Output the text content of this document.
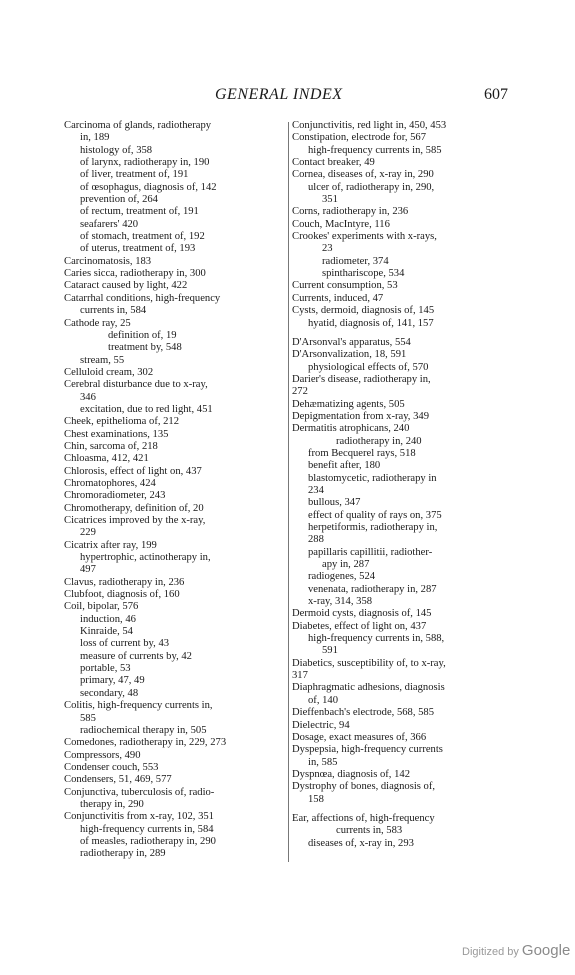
GENERAL INDEX	607
Carcinoma of glands, radiotherapy
in, 189
histology of, 358
of larynx, radiotherapy in, 190
of liver, treatment of, 191
of œsophagus, diagnosis of, 142
prevention of, 264
of rectum, treatment of, 191
seafarers' 420
of stomach, treatment of, 192
of uterus, treatment of, 193
Carcinomatosis, 183
Caries sicca, radiotherapy in, 300
Cataract caused by light, 422
Catarrhal conditions, high-frequency
currents in, 584
Cathode ray, 25
definition of, 19
treatment by, 548
stream, 55
Celluloid cream, 302
Cerebral disturbance due to x-ray,
346
excitation, due to red light, 451
Cheek, epithelioma of, 212
Chest examinations, 135
Chin, sarcoma of, 218
Chloasma, 412, 421
Chlorosis, effect of light on, 437
Chromatophores, 424
Chromoradiometer, 243
Chromotherapy, definition of, 20
Cicatrices improved by the x-ray,
229
Cicatrix after ray, 199
hypertrophic, actinotherapy in,
497
Clavus, radiotherapy in, 236
Clubfoot, diagnosis of, 160
Coil, bipolar, 576
induction, 46
Kinraide, 54
loss of current by, 43
measure of currents by, 42
portable, 53
primary, 47, 49
secondary, 48
Colitis, high-frequency currents in,
585
radiochemical therapy in, 505
Comedones, radiotherapy in, 229, 273
Compressors, 490
Condenser couch, 553
Condensers, 51, 469, 577
Conjunctiva, tuberculosis of, radio-
therapy in, 290
Conjunctivitis from x-ray, 102, 351
high-frequency currents in, 584
of measles, radiotherapy in, 290
radiotherapy in, 289
Conjunctivitis, red light in, 450, 453
Constipation, electrode for, 567
high-frequency currents in, 585
Contact breaker, 49
Cornea, diseases of, x-ray in, 290
ulcer of, radiotherapy in, 290,
351
Corns, radiotherapy in, 236
Couch, MacIntyre, 116
Crookes' experiments with x-rays,
23
radiometer, 374
spinthariscope, 534
Current consumption, 53
Currents, induced, 47
Cysts, dermoid, diagnosis of, 145
hyatid, diagnosis of, 141, 157
D'Arsonval's apparatus, 554
D'Arsonvalization, 18, 591
physiological effects of, 570
Darier's disease, radiotherapy in,
272
Dehæmatizing agents, 505
Depigmentation from x-ray, 349
Dermatitis atrophicans, 240
radiotherapy in, 240
from Becquerel rays, 518
benefit after, 180
blastomycetic, radiotherapy in
234
bullous, 347
effect of quality of rays on, 375
herpetiformis, radiotherapy in,
288
papillaris capillitii, radiother-
apy in, 287
radiogenes, 524
venenata, radiotherapy in, 287
x-ray, 314, 358
Dermoid cysts, diagnosis of, 145
Diabetes, effect of light on, 437
high-frequency currents in, 588,
591
Diabetics, susceptibility of, to x-ray,
317
Diaphragmatic adhesions, diagnosis
of, 140
Dieffenbach's electrode, 568, 585
Dielectric, 94
Dosage, exact measures of, 366
Dyspepsia, high-frequency currents
in, 585
Dyspnœa, diagnosis of, 142
Dystrophy of bones, diagnosis of,
158
Ear, affections of, high-frequency
currents in, 583
diseases of, x-ray in, 293
Digitized by Google
